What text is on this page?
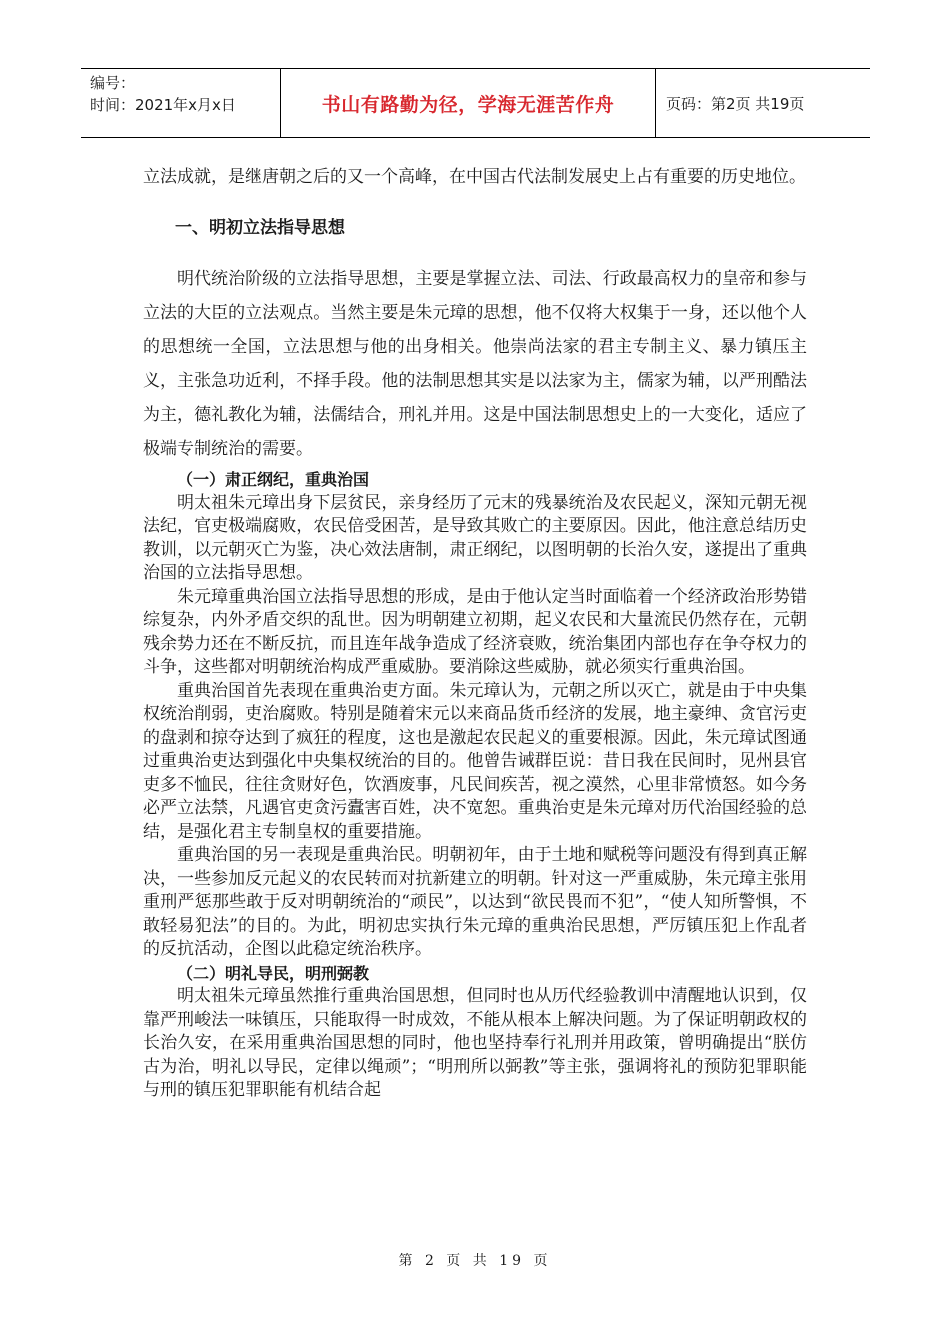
编号：
时间：2021年x月x日	书山有路勤为径，学海无涯苦作舟	页码：第2页 共19页

立法成就，是继唐朝之后的又一个高峰，在中国古代法制发展史上占有重要的历史地位。

一、明初立法指导思想

明代统治阶级的立法指导思想，主要是掌握立法、司法、行政最高权力的皇帝和参与立法的大臣的立法观点。当然主要是朱元璋的思想，他不仅将大权集于一身，还以他个人的思想统一全国，立法思想与他的出身相关。他崇尚法家的君主专制主义、暴力镇压主义，主张急功近利，不择手段。他的法制思想其实是以法家为主，儒家为辅，以严刑酷法为主，德礼教化为辅，法儒结合，刑礼并用。这是中国法制思想史上的一大变化，适应了极端专制统治的需要。

（一）肃正纲纪，重典治国

明太祖朱元璋出身下层贫民，亲身经历了元末的残暴统治及农民起义，深知元朝无视法纪，官吏极端腐败，农民倍受困苦，是导致其败亡的主要原因。因此，他注意总结历史教训，以元朝灭亡为鉴，决心效法唐制，肃正纲纪，以图明朝的长治久安，遂提出了重典治国的立法指导思想。

朱元璋重典治国立法指导思想的形成，是由于他认定当时面临着一个经济政治形势错综复杂，内外矛盾交织的乱世。因为明朝建立初期，起义农民和大量流民仍然存在，元朝残余势力还在不断反抗，而且连年战争造成了经济衰败，统治集团内部也存在争夺权力的斗争，这些都对明朝统治构成严重威胁。要消除这些威胁，就必须实行重典治国。

重典治国首先表现在重典治吏方面。朱元璋认为，元朝之所以灭亡，就是由于中央集权统治削弱，吏治腐败。特别是随着宋元以来商品货币经济的发展，地主豪绅、贪官污吏的盘剥和掠夺达到了疯狂的程度，这也是激起农民起义的重要根源。因此，朱元璋试图通过重典治吏达到强化中央集权统治的目的。他曾告诫群臣说：昔日我在民间时，见州县官吏多不恤民，往往贪财好色，饮酒废事，凡民间疾苦，视之漠然，心里非常愤怒。如今务必严立法禁，凡遇官吏贪污蠹害百姓，决不宽恕。重典治吏是朱元璋对历代治国经验的总结，是强化君主专制皇权的重要措施。

重典治国的另一表现是重典治民。明朝初年，由于土地和赋税等问题没有得到真正解决，一些参加反元起义的农民转而对抗新建立的明朝。针对这一严重威胁，朱元璋主张用重刑严惩那些敢于反对明朝统治的“顽民”，以达到“欲民畏而不犯”，“使人知所警惧，不敢轻易犯法”的目的。为此，明初忠实执行朱元璋的重典治民思想，严厉镇压犯上作乱者的反抗活动，企图以此稳定统治秩序。

（二）明礼导民，明刑弼教

明太祖朱元璋虽然推行重典治国思想，但同时也从历代经验教训中清醒地认识到，仅靠严刑峻法一味镇压，只能取得一时成效，不能从根本上解决问题。为了保证明朝政权的长治久安，在采用重典治国思想的同时，他也坚持奉行礼刑并用政策，曾明确提出“朕仿古为治，明礼以导民，定律以绳顽”；“明刑所以弼教”等主张，强调将礼的预防犯罪职能与刑的镇压犯罪职能有机结合起

第 2 页 共 19 页
